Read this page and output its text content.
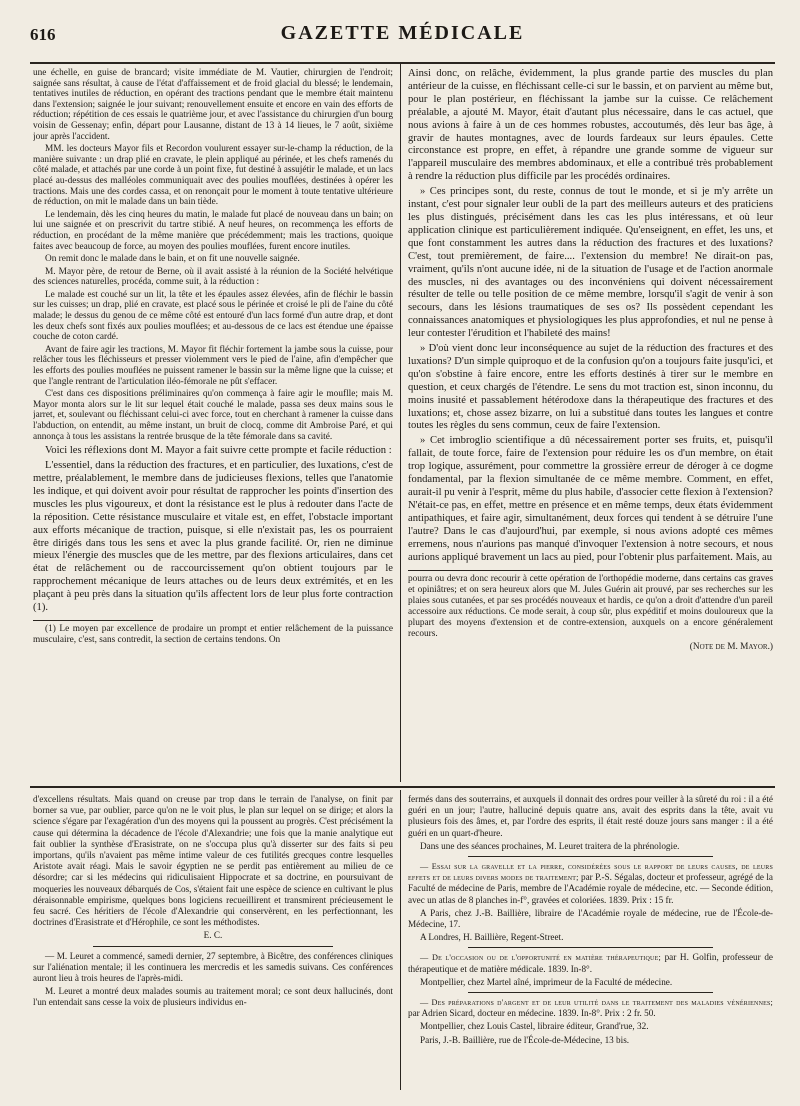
616	GAZETTE MÉDICALE

une échelle, en guise de brancard; visite immédiate de M. Vautier, chirurgien de l'endroit; saignée sans résultat, à cause de l'état d'affaissement et de froid glacial du blessé; le lendemain, tentatives inutiles de réduction, en opérant des tractions pendant que le membre était maintenu dans l'extension; saignée le jour suivant; renouvellement ensuite et encore en vain des efforts de réduction; répétition de ces essais le quatrième jour, et avec l'assistance du chirurgien d'un bourg voisin de Gessenay; enfin, départ pour Lausanne, distant de 13 à 14 lieues, le 7 août, sixième jour après l'accident.

MM. les docteurs Mayor fils et Recordon voulurent essayer sur-le-champ la réduction, de la manière suivante : un drap plié en cravate, le plein appliqué au périnée, et les chefs ramenés du côté malade, et attachés par une corde à un point fixe, fut destiné à assujétir le malade, et un lacs placé au-dessus des malléoles communiquait avec des poulies mouflées, destinées à opérer les tractions. Mais une des cordes cassa, et on renonçait pour le moment à toute tentative ultérieure de réduction, on mit le malade dans un bain tiède.

Le lendemain, dès les cinq heures du matin, le malade fut placé de nouveau dans un bain; on lui une saignée et on prescrivit du tartre stibié. A neuf heures, on recommença les efforts de réduction, en procédant de la même manière que précédemment; mais les tractions, quoique faites avec beaucoup de force, au moyen des poulies mouflées, furent encore inutiles.

On remit donc le malade dans le bain, et on fit une nouvelle saignée.

M. Mayor père, de retour de Berne, où il avait assisté à la réunion de la Société helvétique des sciences naturelles, procéda, comme suit, à la réduction :

Le malade est couché sur un lit, la tête et les épaules assez élevées, afin de fléchir le bassin sur les cuisses; un drap, plié en cravate, est placé sous le périnée et croisé le pli de l'aine du côté malade; le dessus du genou de ce même côté est entouré d'un lacs formé d'un autre drap, et dont les deux chefs sont fixés aux poulies mouflées; et au-dessous de ce lacs est étendue une épaisse couche de coton cardé.

Avant de faire agir les tractions, M. Mayor fit fléchir fortement la jambe sous la cuisse, pour relâcher tous les fléchisseurs et presser violemment vers le pied de l'aine, afin d'empêcher que les efforts des poulies mouflées ne puissent ramener le bassin sur la même ligne que la cuisse; et que l'angle rentrant de l'articulation iléo-fémorale ne pût s'effacer.

C'est dans ces dispositions préliminaires qu'on commença à faire agir le mouflle; mais M. Mayor monta alors sur le lit sur lequel était couché le malade, passa ses deux mains sous le jarret, et, soulevant ou fléchissant celui-ci avec force, tout en cherchant à ramener la cuisse dans l'abduction, on entendit, au même instant, un bruit de clocq, comme dit Ambroise Paré, et qui annonça à tous les assistans la rentrée brusque de la tête fémorale dans sa cavité.

Voici les réflexions dont M. Mayor a fait suivre cette prompte et facile réduction :

L'essentiel, dans la réduction des fractures, et en particulier, des luxations, c'est de mettre, préalablement, le membre dans de judicieuses flexions, telles que l'anatomie les indique, et qui doivent avoir pour résultat de rapprocher les points d'insertion des muscles les plus vigoureux, et dont la résistance est le plus à redouter dans l'acte de la réposition. Cette résistance musculaire et vitale est, en effet, l'obstacle important aux efforts mécanique de traction, puisque, si elle n'existait pas, les os pourraient être dirigés dans tous les sens et avec la plus grande facilité. Or, rien ne diminue mieux l'énergie des muscles que de les mettre, par des flexions articulaires, dans cet état de relâchement ou de raccourcissement qu'on obtient toujours par le rapprochement mécanique de leurs attaches ou de leurs deux extrémités, et en les plaçant à peu près dans la situation qu'ils affectent lors de leur plus forte contraction (1).

(1) Le moyen par excellence de prodaire un prompt et entier relâchement de la puissance musculaire, c'est, sans contredit, la section de certains tendons. On

Ainsi donc, on relâche, évidemment, la plus grande partie des muscles du plan antérieur de la cuisse, en fléchissant celle-ci sur le bassin, et on parvient au même but, pour le plan postérieur, en fléchissant la jambe sur la cuisse. Ce relâchement préalable, a ajouté M. Mayor, était d'autant plus nécessaire, dans le cas actuel, que nous avions à faire à un de ces hommes robustes, accoutumés, dès leur bas âge, à gravir de hautes montagnes, avec de lourds fardeaux sur leurs épaules. Cette circonstance est propre, en effet, à répandre une grande somme de vigueur sur l'appareil musculaire des membres abdominaux, et elle a contribué très probablement à rendre la réduction plus difficile par les procédés ordinaires.

» Ces principes sont, du reste, connus de tout le monde, et si je m'y arrête un instant, c'est pour signaler leur oubli de la part des meilleurs auteurs et des praticiens les plus distingués, précisément dans les cas les plus intéressans, et où leur application clinique est particulièrement indiquée. Qu'enseignent, en effet, les uns, et que font constamment les autres dans la réduction des fractures et des luxations? C'est, tout premièrement, de faire.... l'extension du membre! Ne dirait-on pas, vraiment, qu'ils n'ont aucune idée, ni de la situation de l'usage et de l'action anormale des muscles, ni des avantages ou des inconvéniens qui doivent nécessairement résulter de telle ou telle position de ce même membre, lorsqu'il s'agit de venir à son secours, dans les lésions traumatiques de ses os? Ils possèdent cependant les connaissances anatomiques et physiologiques les plus approfondies, et nul ne pense à leur contester l'érudition et l'habileté des mains!

» D'où vient donc leur inconséquence au sujet de la réduction des fractures et des luxations? D'un simple quiproquo et de la confusion qu'on a toujours faite jusqu'ici, et qu'on s'obstine à faire encore, entre les efforts destinés à tirer sur le membre en question, et ceux chargés de l'étendre. Le sens du mot traction est, sinon inconnu, du moins inusité et passablement hétérodoxe dans la thérapeutique des fractures et des luxations; et, chose assez bizarre, on lui a substitué dans toutes les langues et contre toutes les règles du sens commun, ceux de faire l'extension.

» Cet imbroglio scientifique a dû nécessairement porter ses fruits, et, puisqu'il fallait, de toute force, faire de l'extension pour réduire les os d'un membre, on était trop logique, assurément, pour commettre la grossière erreur de déroger à ce dogme fondamental, par la flexion simultanée de ce même membre. Comment, en effet, aurait-il pu venir à l'esprit, même du plus habile, d'associer cette flexion à l'extension? N'était-ce pas, en effet, mettre en présence et en même temps, deux états évidemment antipathiques, et faire agir, simultanément, deux forces qui tendent à se détruire l'une l'autre? Dans le cas d'aujourd'hui, par exemple, si nous avions adopté ces mêmes erremens, nous n'aurions pas manqué d'invoquer l'extension à notre secours, et nous aurions appliqué bravement un lacs au pied, pour l'obtenir plus parfaitement. Mais, au

pourra ou devra donc recourir à cette opération de l'orthopédie moderne, dans certains cas graves et opiniâtres; et on sera heureux alors que M. Jules Guérin ait prouvé, par ses recherches sur les plaies sous cutanées, et par ses procédés nouveaux et hardis, ce qu'on a droit d'attendre d'un pareil accessoire aux réductions. Ce mode serait, à coup sûr, plus expéditif et moins douloureux que la plupart des moyens d'extension et de contre-extension, auxquels on a encore généralement recours.

(Note de M. Mayor.)

d'excellens résultats. Mais quand on creuse par trop dans le terrain de l'analyse, on finit par borner sa vue, par oublier, parce qu'on ne le voit plus, le plan sur lequel on se dirige; et alors la science s'égare par l'exagération d'un des moyens qui la poussent au progrès. C'est précisément la cause qui détermina la décadence de l'école d'Alexandrie; une fois que la manie analytique eut fait oublier la synthèse d'Erasistrate, on ne s'occupa plus qu'à disserter sur des faits si peu importans, qu'ils n'avaient pas même intime valeur de ces futilités grecques contre lesquelles Aristote avait réagi. Mais le savoir égyptien ne se perdit pas entièrement au milieu de ce désordre; car si les médecins qui ridiculisaient Hippocrate et sa doctrine, en poursuivant de moqueries les nouveaux débarqués de Cos, s'étaient fait une espèce de science en cultivant le plus déraisonnable empirisme, quelques bons logiciens recueillirent et transmirent précieusement le feu sacré. Ces héritiers de l'école d'Alexandrie qui conservèrent, en les perfectionnant, les doctrines d'Erasistrate et d'Hérophile, ce sont les méthodistes.

E. C.

— M. Leuret a commencé, samedi dernier, 27 septembre, à Bicêtre, des conférences cliniques sur l'aliénation mentale; il les continuera les mercredis et les samedis suivans. Ces conférences auront lieu à trois heures de l'après-midi.

M. Leuret a montré deux malades soumis au traitement moral; ce sont deux hallucinés, dont l'un entendait sans cesse la voix de plusieurs individus en-

fermés dans des souterrains, et auxquels il donnait des ordres pour veiller à la sûreté du roi : il a été guéri en un jour; l'autre, halluciné depuis quatre ans, avait des esprits dans la tête, avait vu plusieurs fois des âmes, et, par l'ordre des esprits, il était resté douze jours sans manger : il a été guéri en un quart-d'heure.

Dans une des séances prochaines, M. Leuret traitera de la phrénologie.

— Essai sur la gravelle et la pierre, considérées sous le rapport de leurs causes, de leurs effets et de leurs divers modes de traitement; par P.-S. Ségalas, docteur et professeur, agrégé de la Faculté de médecine de Paris, membre de l'Académie royale de médecine, etc. — Seconde édition, avec un atlas de 8 planches in-f°, gravées et coloriées. 1839. Prix : 15 fr.

A Paris, chez J.-B. Baillière, libraire de l'Académie royale de médecine, rue de l'École-de-Médecine, 17.

A Londres, H. Baillière, Regent-Street.

— De l'occasion ou de l'opportunité en matière thérapeutique; par H. Golfin, professeur de thérapeutique et de matière médicale. 1839. In-8°.

Montpellier, chez Martel aîné, imprimeur de la Faculté de médecine.

— Des préparations d'argent et de leur utilité dans le traitement des maladies vénériennes; par Adrien Sicard, docteur en médecine. 1839. In-8°. Prix : 2 fr. 50.

Montpellier, chez Louis Castel, libraire éditeur, Grand'rue, 32.

Paris, J.-B. Baillière, rue de l'École-de-Médecine, 13 bis.
